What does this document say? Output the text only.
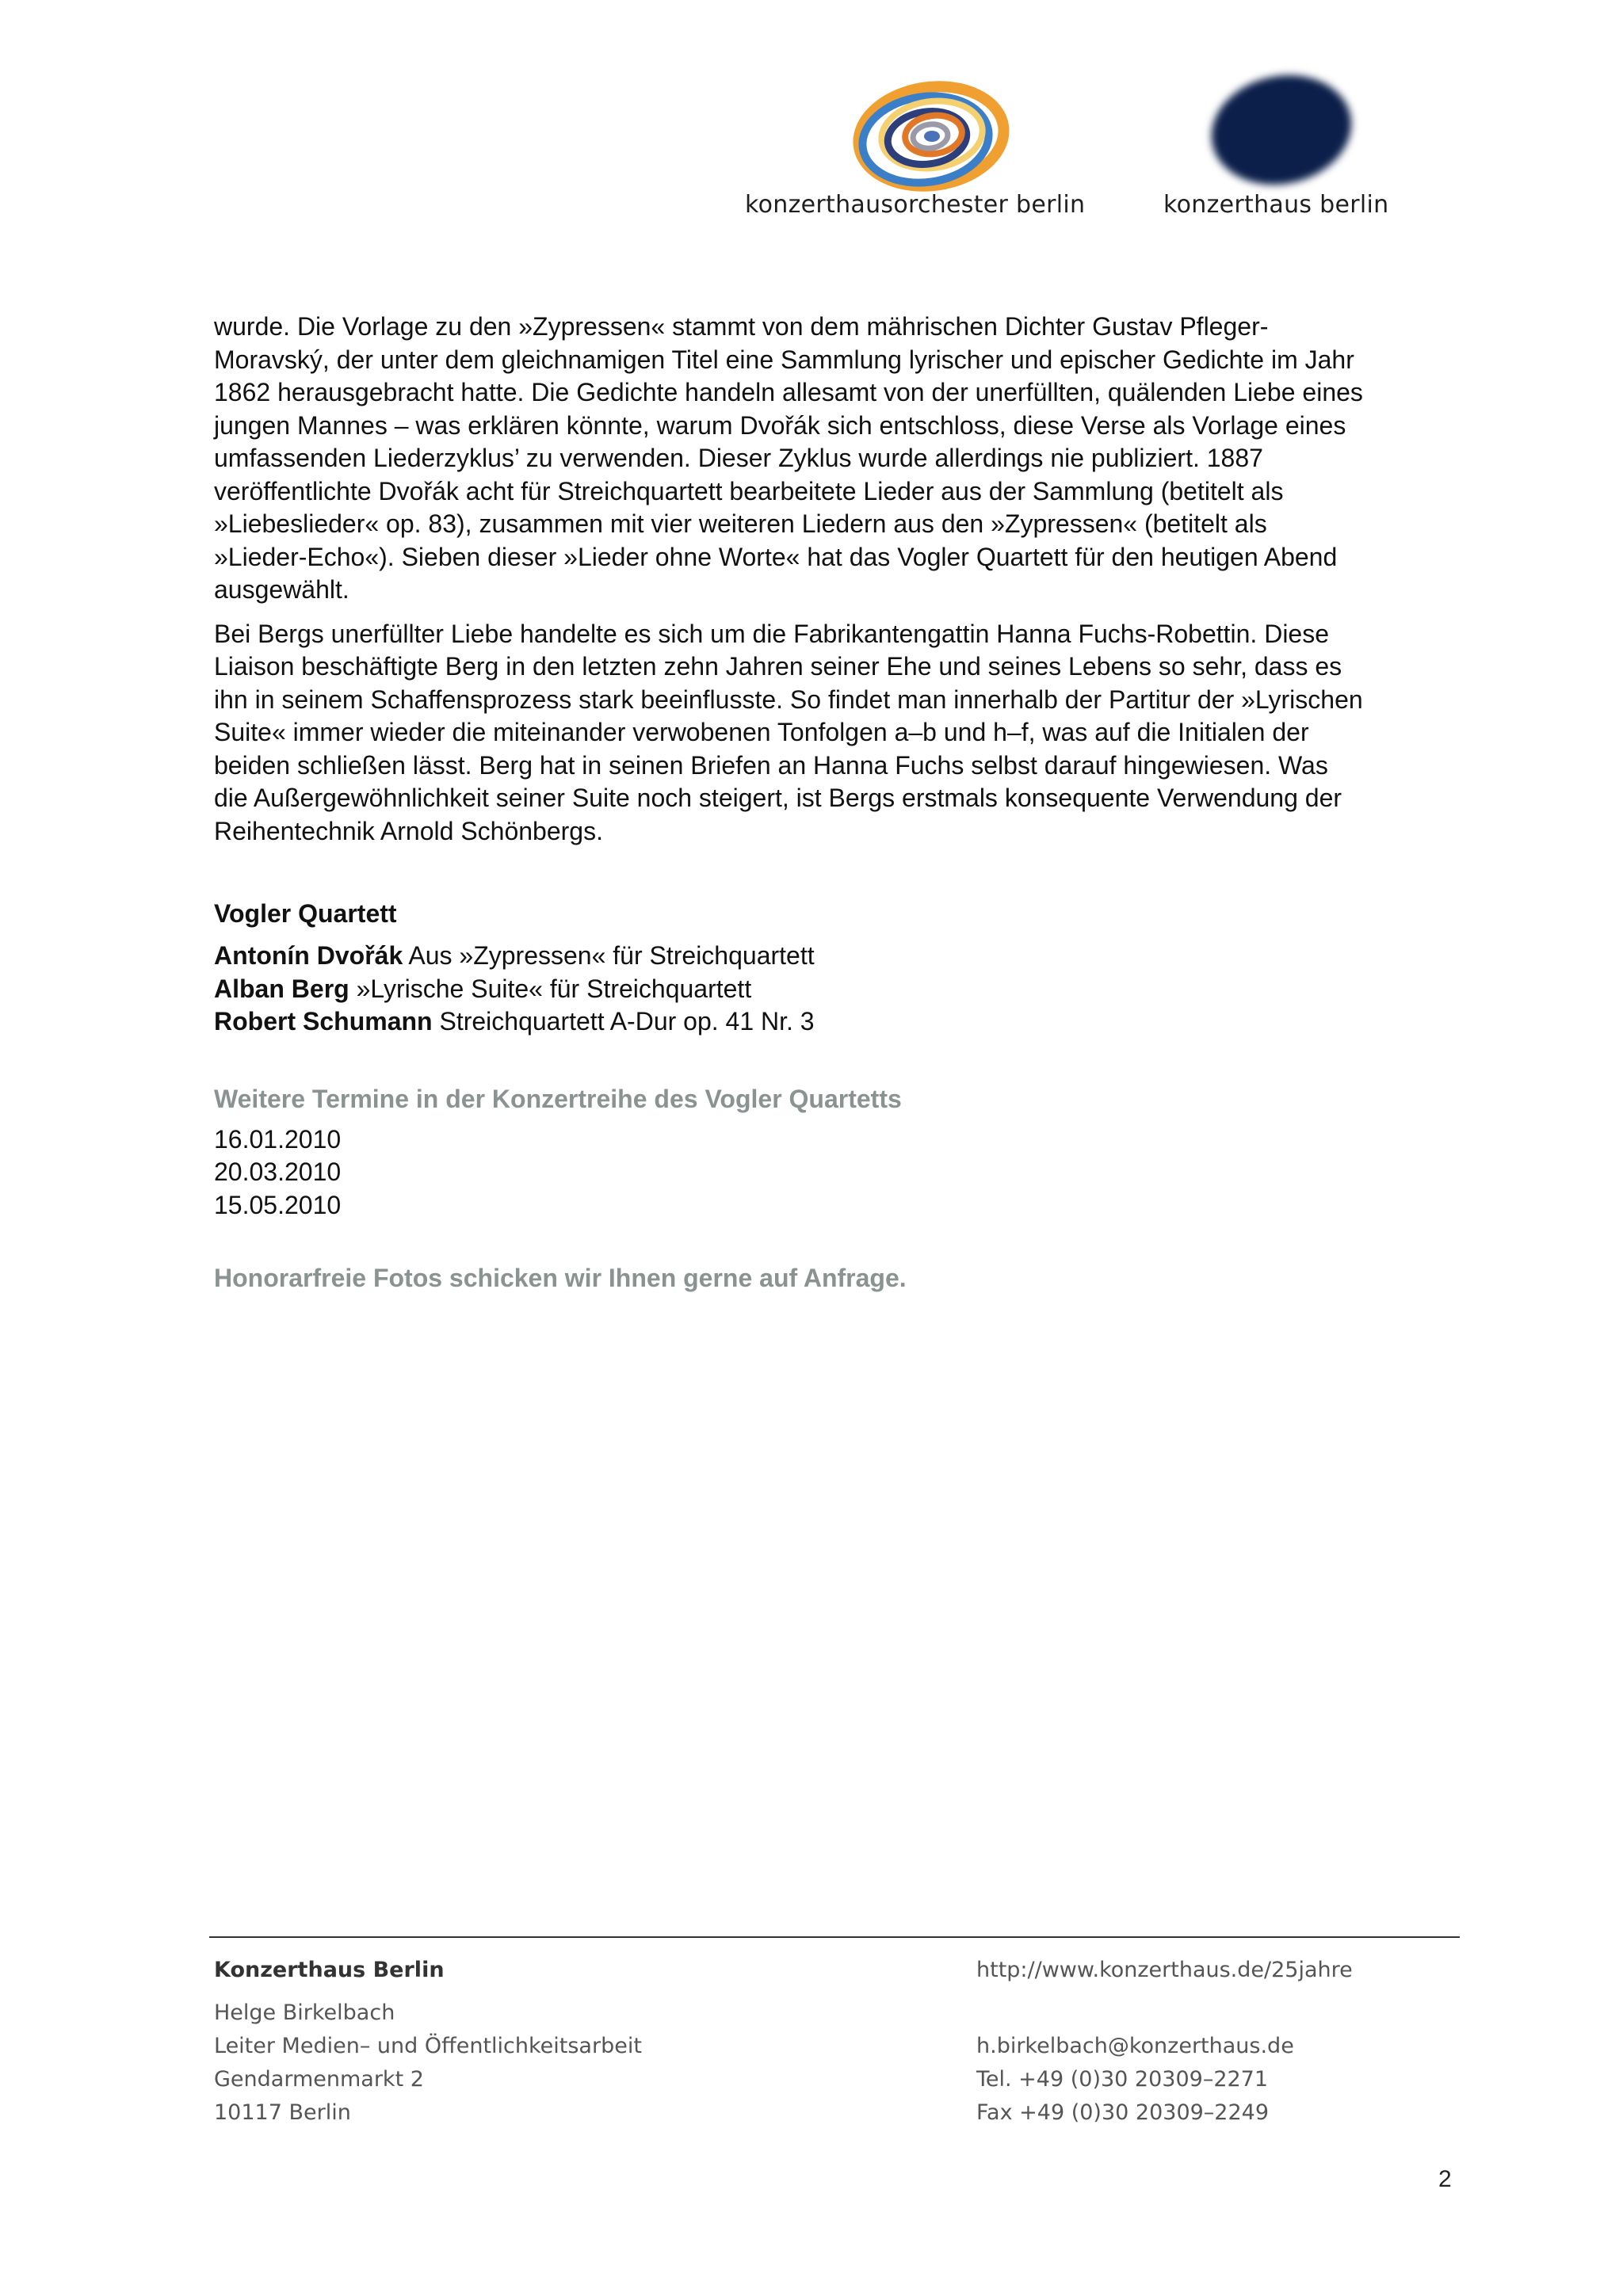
konzerthausorchester berlin	konzerthaus berlin
wurde. Die Vorlage zu den »Zypressen« stammt von dem mährischen Dichter Gustav Pfleger-
Moravský, der unter dem gleichnamigen Titel eine Sammlung lyrischer und epischer Gedichte im Jahr
1862 herausgebracht hatte. Die Gedichte handeln allesamt von der unerfüllten, quälenden Liebe eines
jungen Mannes – was erklären könnte, warum Dvořák sich entschloss, diese Verse als Vorlage eines
umfassenden Liederzyklus’ zu verwenden. Dieser Zyklus wurde allerdings nie publiziert. 1887
veröffentlichte Dvořák acht für Streichquartett bearbeitete Lieder aus der Sammlung (betitelt als
»Liebeslieder« op. 83), zusammen mit vier weiteren Liedern aus den »Zypressen« (betitelt als
»Lieder-Echo«). Sieben dieser »Lieder ohne Worte« hat das Vogler Quartett für den heutigen Abend
ausgewählt.
Bei Bergs unerfüllter Liebe handelte es sich um die Fabrikantengattin Hanna Fuchs-Robettin. Diese
Liaison beschäftigte Berg in den letzten zehn Jahren seiner Ehe und seines Lebens so sehr, dass es
ihn in seinem Schaffensprozess stark beeinflusste. So findet man innerhalb der Partitur der »Lyrischen
Suite« immer wieder die miteinander verwobenen Tonfolgen a–b und h–f, was auf die Initialen der
beiden schließen lässt. Berg hat in seinen Briefen an Hanna Fuchs selbst darauf hingewiesen. Was
die Außergewöhnlichkeit seiner Suite noch steigert, ist Bergs erstmals konsequente Verwendung der
Reihentechnik Arnold Schönbergs.
Vogler Quartett
Antonín Dvořák Aus »Zypressen« für Streichquartett
Alban Berg »Lyrische Suite« für Streichquartett
Robert Schumann Streichquartett A-Dur op. 41 Nr. 3
Weitere Termine in der Konzertreihe des Vogler Quartetts
16.01.2010
20.03.2010
15.05.2010
Honorarfreie Fotos schicken wir Ihnen gerne auf Anfrage.
Konzerthaus Berlin
Helge Birkelbach
Leiter Medien– und Öffentlichkeitsarbeit
Gendarmenmarkt 2
10117 Berlin
http://www.konzerthaus.de/25jahre
h.birkelbach@konzerthaus.de
Tel. +49 (0)30 20309–2271
Fax +49 (0)30 20309–2249
2
